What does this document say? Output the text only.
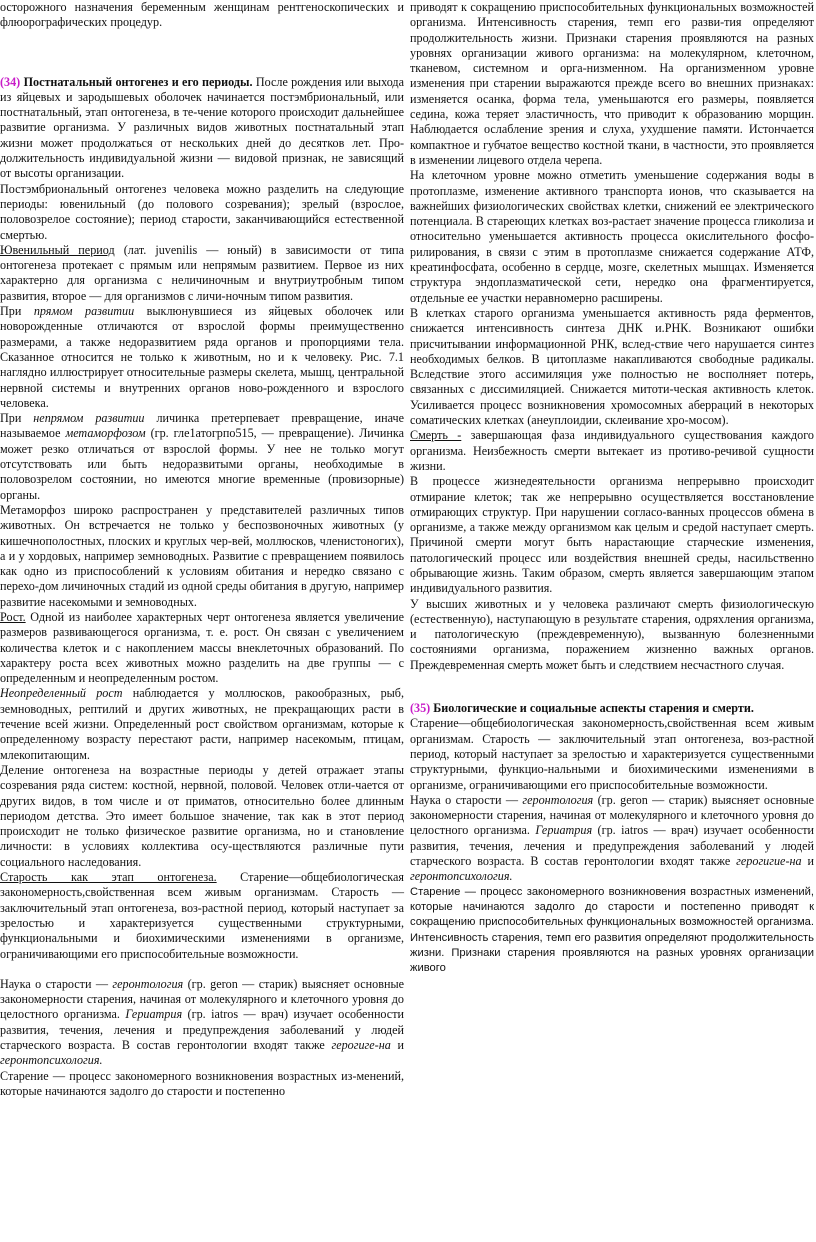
осторожного назначения беременным женщинам рентгеноскопических и флюорографических процедур.

(34) Постнатальный онтогенез и его периоды. После рождения или выхода из яйцевых и зародышевых оболочек начинается постэмбриональный, или постнатальный, этап онтогенеза, в те-чение которого происходит дальнейшее развитие организма. У различных видов животных постнатальный этап жизни может продолжаться от нескольких дней до десятков лет. Про-должительность индивидуальной жизни — видовой признак, не зависящий от высоты организации.

Постэмбриональный онтогенез человека можно разделить на следующие периоды: ювенильный (до полового созревания); зрелый (взрослое, половозрелое состояние); период старости, заканчивающийся естественной смертью.

Ювенильный период (лат. juvenilis — юный) в зависимости от типа онтогенеза протекает с прямым или непрямым развитием. Первое из них характерно для организма с неличиночным и внутриутробным типом развития, второе — для организмов с личи-ночным типом развития.

При прямом развитии выклюнувшиеся из яйцевых оболочек или новорожденные отличаются от взрослой формы преимущественно размерами, а также недоразвитием ряда органов и пропорциями тела. Сказанное относится не только к животным, но и к человеку. Рис. 7.1 наглядно иллюстрирует относительные размеры скелета, мышц, центральной нервной системы и внутренних органов ново-рожденного и взрослого человека.

При непрямом развитии личинка претерпевает превращение, иначе называемое метаморфозом (гр. гле1атогрпо515, — превращение). Личинка может резко отличаться от взрослой формы. У нее не только могут отсутствовать или быть недоразвитыми органы, необходимые в половозрелом состоянии, но имеются многие временные (провизорные) органы.

Метаморфоз широко распространен у представителей различных типов животных. Он встречается не только у беспозвоночных животных (у кишечнополостных, плоских и круглых чер-вей, моллюсков, членистоногих), а и у хордовых, например земноводных. Развитие с превращением появилось как одно из приспособлений к условиям обитания и нередко связано с перехо-дом личиночных стадий из одной среды обитания в другую, например развитие насекомыми и земноводных.

Рост. Одной из наиболее характерных черт онтогенеза является увеличение размеров развивающегося организма, т. е. рост. Он связан с увеличением количества клеток и с накоплением массы внеклеточных образований. По характеру роста всех животных можно разделить на две группы — с определенным и неопределенным ростом.

Неопределенный рост наблюдается у моллюсков, ракообразных, рыб, земноводных, рептилий и других животных, не прекращающих расти в течение всей жизни. Определенный рост свойством организмам, которые к определенному возрасту перестают расти, например насекомым, птицам, млекопитающим.

Деление онтогенеза на возрастные периоды у детей отражает этапы созревания ряда систем: костной, нервной, половой. Человек отли-чается от других видов, в том числе и от приматов, относительно более длинным периодом детства. Это имеет большое значение, так как в этот период происходит не только физическое развитие организма, но и становление личности: в условиях коллектива осу-ществляются различные пути социального наследования.

Старость как этап онтогенеза. Старение—общебиологическая закономерность,свойственная всем живым организмам. Старость — заключительный этап онтогенеза, воз-растной период, который наступает за зрелостью и характеризуется существенными структурными, функциональными и биохимическими изменениями в организме, ограничивающими его приспособительные возможности.

Наука о старости — геронтология (гр. geron — старик) выясняет основные закономерности старения, начиная от молекулярного и клеточного уровня до целостного организма. Гериатрия (гр. iatros — врач) изучает особенности развития, течения, лечения и предупреждения заболеваний у людей старческого возраста. В состав геронтологии входят также герогиге-на и геронтопсихология.

Старение — процесс закономерного возникновения возрастных из-менений, которые начинаются задолго до старости и постепенно

приводят к сокращению приспособительных функциональных возможностей организма. Интенсивность старения, темп его разви-тия определяют продолжительность жизни. Признаки старения проявляются на разных уровнях организации живого организма: на молекулярном, клеточном, тканевом, системном и орга-низменном. На организменном уровне изменения при старении выражаются прежде всего во внешних признаках: изменяется осанка, форма тела, уменьшаются его размеры, появляется седина, кожа теряет эластичность, что приводит к образованию морщин. Наблюдается ослабление зрения и слуха, ухудшение памяти. Истончается компактное и губчатое вещество костной ткани, в частности, это проявляется в изменении лицевого отдела черепа.

На клеточном уровне можно отметить уменьшение содержания воды в протоплазме, изменение активного транспорта ионов, что сказывается на важнейших физиологических свойствах клетки, снижений ее электрического потенциала. В стареющих клетках воз-растает значение процесса гликолиза и относительно уменьшается активность процесса окислительного фосфо-рилирования, в связи с этим в протоплазме снижается содержание АТФ, креатинфосфата, особенно в сердце, мозге, скелетных мышцах. Изменяется структура эндоплазматической сети, нередко она фрагментируется, отдельные ее участки неравномерно расширены.

В клетках старого организма уменьшается активность ряда ферментов, снижается интенсивность синтеза ДНК и.РНК. Возникают ошибки присчитывании информационной РНК, вслед-ствие чего нарушается синтез необходимых белков. В цитоплазме накапливаются свободные радикалы. Вследствие этого ассимиляция уже полностью не восполняет потерь, связанных с диссимиляцией. Снижается митоти-ческая активность клеток. Усиливается процесс возникновения хромосомных аберраций в некоторых соматических клетках (анеуплоидии, склеивание хро-мосом).

Смерть - завершающая фаза индивидуального существования каждого организма. Неизбежность смерти вытекает из противо-речивой сущности жизни.

В процессе жизнедеятельности организма непрерывно происходит отмирание клеток; так же непрерывно осуществляется восстановление отмирающих структур. При нарушении согласо-ванных процессов обмена в организме, а также между организмом как целым и средой наступает смерть. Причиной смерти могут быть нарастающие старческие изменения, патологический процесс или воздействия внешней среды, насильственно обрывающие жизнь. Таким образом, смерть является завершающим этапом индивидуального развития.

У высших животных и у человека различают смерть физиологическую (естественную), наступающую в результате старения, одряхления организма, и патологическую (преждевременную), вызванную болезненными состояниями организма, поражением жизненно важных органов. Преждевременная смерть может быть и следствием несчастного случая.

(35) Биологические и социальные аспекты старения и смерти.
Старение—общебиологическая закономерность,свойственная всем живым организмам. Старость — заключительный этап онтогенеза, воз-растной период, который наступает за зрелостью и характеризуется существенными структурными, функцио-нальными и биохимическими изменениями в организме, ограничивающими его приспособительные возможности.

Наука о старости — геронтология (гр. geron — старик) выясняет основные закономерности старения, начиная от молекулярного и клеточного уровня до целостного организма. Гериатрия (гр. iatros — врач) изучает особенности развития, течения, лечения и предупреждения заболеваний у людей старческого возраста. В состав геронтологии входят также герогигие-на и геронтопсихология.

Старение — процесс закономерного возникновения возрастных изменений, которые начинаются задолго до старости и постепенно приводят к сокращению приспособительных функциональных возможностей организма. Интенсивность старения, темп его развития определяют продолжительность жизни. Признаки старения проявляются на разных уровнях организации живого
